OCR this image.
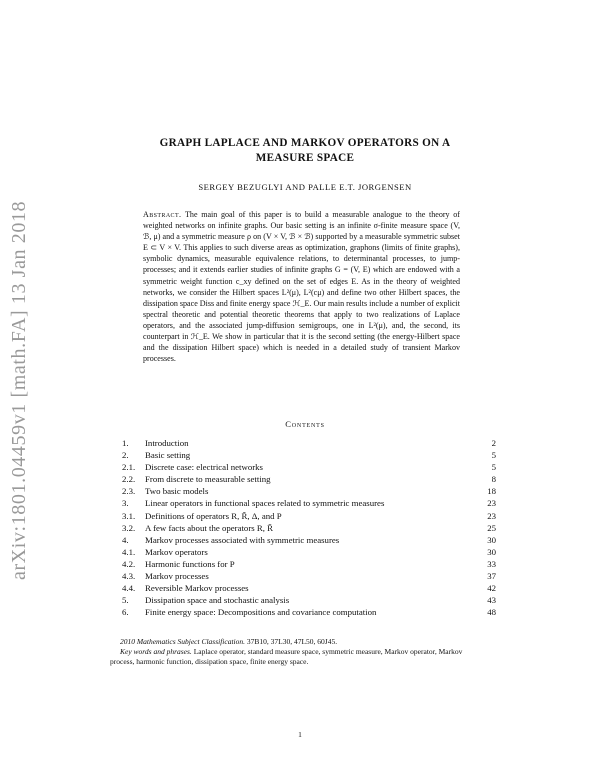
arXiv:1801.04459v1 [math.FA] 13 Jan 2018
GRAPH LAPLACE AND MARKOV OPERATORS ON A
MEASURE SPACE
SERGEY BEZUGLYI AND PALLE E.T. JORGENSEN
Abstract. The main goal of this paper is to build a measurable analogue to the theory of weighted networks on infinite graphs. Our basic setting is an infinite σ-finite measure space (V, ℬ, μ) and a symmetric measure ρ on (V × V, ℬ × ℬ) supported by a measurable symmetric subset E ⊂ V × V. This applies to such diverse areas as optimization, graphons (limits of finite graphs), symbolic dynamics, measurable equivalence relations, to determinantal processes, to jump-processes; and it extends earlier studies of infinite graphs G = (V, E) which are endowed with a symmetric weight function c_xy defined on the set of edges E. As in the theory of weighted networks, we consider the Hilbert spaces L²(μ), L²(cμ) and define two other Hilbert spaces, the dissipation space Diss and finite energy space ℋ_E. Our main results include a number of explicit spectral theoretic and potential theoretic theorems that apply to two realizations of Laplace operators, and the associated jump-diffusion semigroups, one in L²(μ), and, the second, its counterpart in ℋ_E. We show in particular that it is the second setting (the energy-Hilbert space and the dissipation Hilbert space) which is needed in a detailed study of transient Markov processes.
Contents
1. Introduction	2
2. Basic setting	5
2.1. Discrete case: electrical networks	5
2.2. From discrete to measurable setting	8
2.3. Two basic models	18
3. Linear operators in functional spaces related to symmetric measures	23
3.1. Definitions of operators R, R̃, Δ, and P	23
3.2. A few facts about the operators R, R̃	25
4. Markov processes associated with symmetric measures	30
4.1. Markov operators	30
4.2. Harmonic functions for P	33
4.3. Markov processes	37
4.4. Reversible Markov processes	42
5. Dissipation space and stochastic analysis	43
6. Finite energy space: Decompositions and covariance computation	48

2010 Mathematics Subject Classification. 37B10, 37L30, 47L50, 60J45.

Key words and phrases. Laplace operator, standard measure space, symmetric measure, Markov operator, Markov process, harmonic function, dissipation space, finite energy space.

1
